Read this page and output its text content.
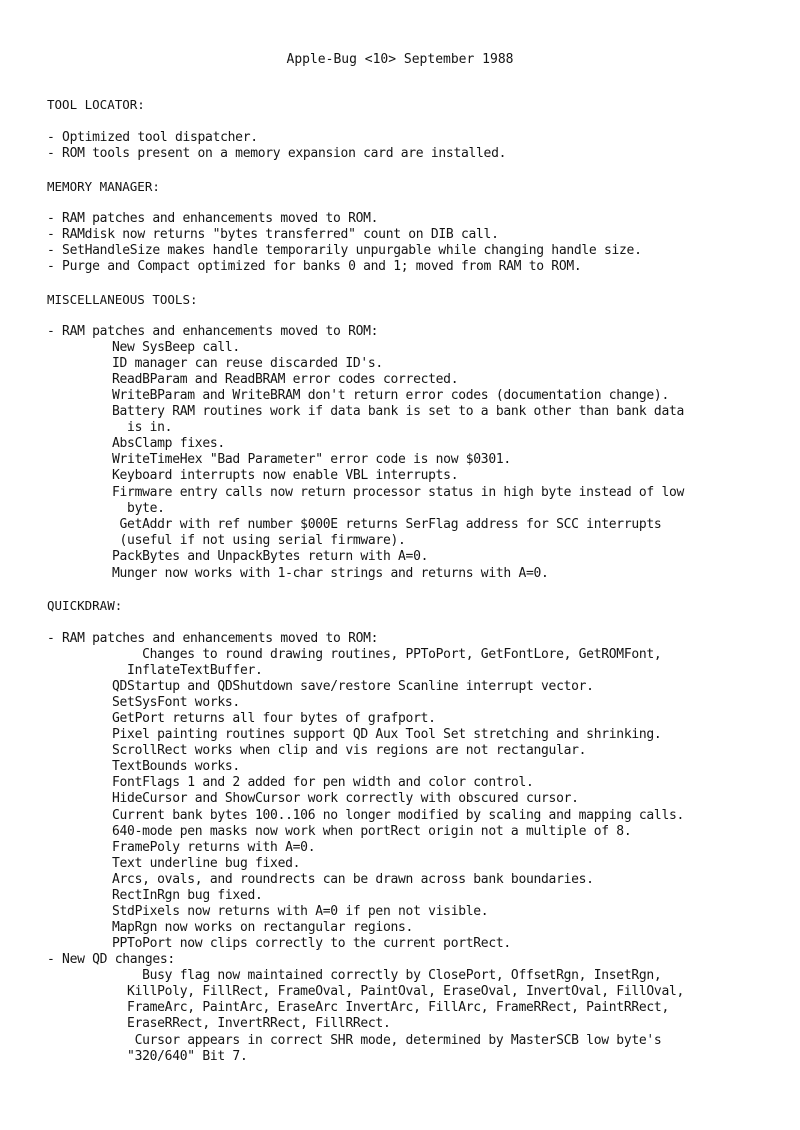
Apple-Bug <10> September 1988
TOOL LOCATOR:
- Optimized tool dispatcher.
- ROM tools present on a memory expansion card are installed.
MEMORY MANAGER:
- RAM patches and enhancements moved to ROM.
- RAMdisk now returns "bytes transferred" count on DIB call.
- SetHandleSize makes handle temporarily unpurgable while changing handle size.
- Purge and Compact optimized for banks 0 and 1; moved from RAM to ROM.
MISCELLANEOUS TOOLS:
- RAM patches and enhancements moved to ROM:
New SysBeep call.
ID manager can reuse discarded ID's.
ReadBParam and ReadBRAM error codes corrected.
WriteBParam and WriteBRAM don't return error codes (documentation change).
Battery RAM routines work if data bank is set to a bank other than bank data
is in.
AbsClamp fixes.
WriteTimeHex "Bad Parameter" error code is now $0301.
Keyboard interrupts now enable VBL interrupts.
Firmware entry calls now return processor status in high byte instead of low
byte.
GetAddr with ref number $000E returns SerFlag address for SCC interrupts
(useful if not using serial firmware).
PackBytes and UnpackBytes return with A=0.
Munger now works with 1-char strings and returns with A=0.
QUICKDRAW:
- RAM patches and enhancements moved to ROM:
Changes to round drawing routines, PPToPort, GetFontLore, GetROMFont,
InflateTextBuffer.
QDStartup and QDShutdown save/restore Scanline interrupt vector.
SetSysFont works.
GetPort returns all four bytes of grafport.
Pixel painting routines support QD Aux Tool Set stretching and shrinking.
ScrollRect works when clip and vis regions are not rectangular.
TextBounds works.
FontFlags 1 and 2 added for pen width and color control.
HideCursor and ShowCursor work correctly with obscured cursor.
Current bank bytes 100..106 no longer modified by scaling and mapping calls.
640-mode pen masks now work when portRect origin not a multiple of 8.
FramePoly returns with A=0.
Text underline bug fixed.
Arcs, ovals, and roundrects can be drawn across bank boundaries.
RectInRgn bug fixed.
StdPixels now returns with A=0 if pen not visible.
MapRgn now works on rectangular regions.
PPToPort now clips correctly to the current portRect.
- New QD changes:
Busy flag now maintained correctly by ClosePort, OffsetRgn, InsetRgn,
KillPoly, FillRect, FrameOval, PaintOval, EraseOval, InvertOval, FillOval,
FrameArc, PaintArc, EraseArc InvertArc, FillArc, FrameRRect, PaintRRect,
EraseRRect, InvertRRect, FillRRect.
Cursor appears in correct SHR mode, determined by MasterSCB low byte's
"320/640" Bit 7.
